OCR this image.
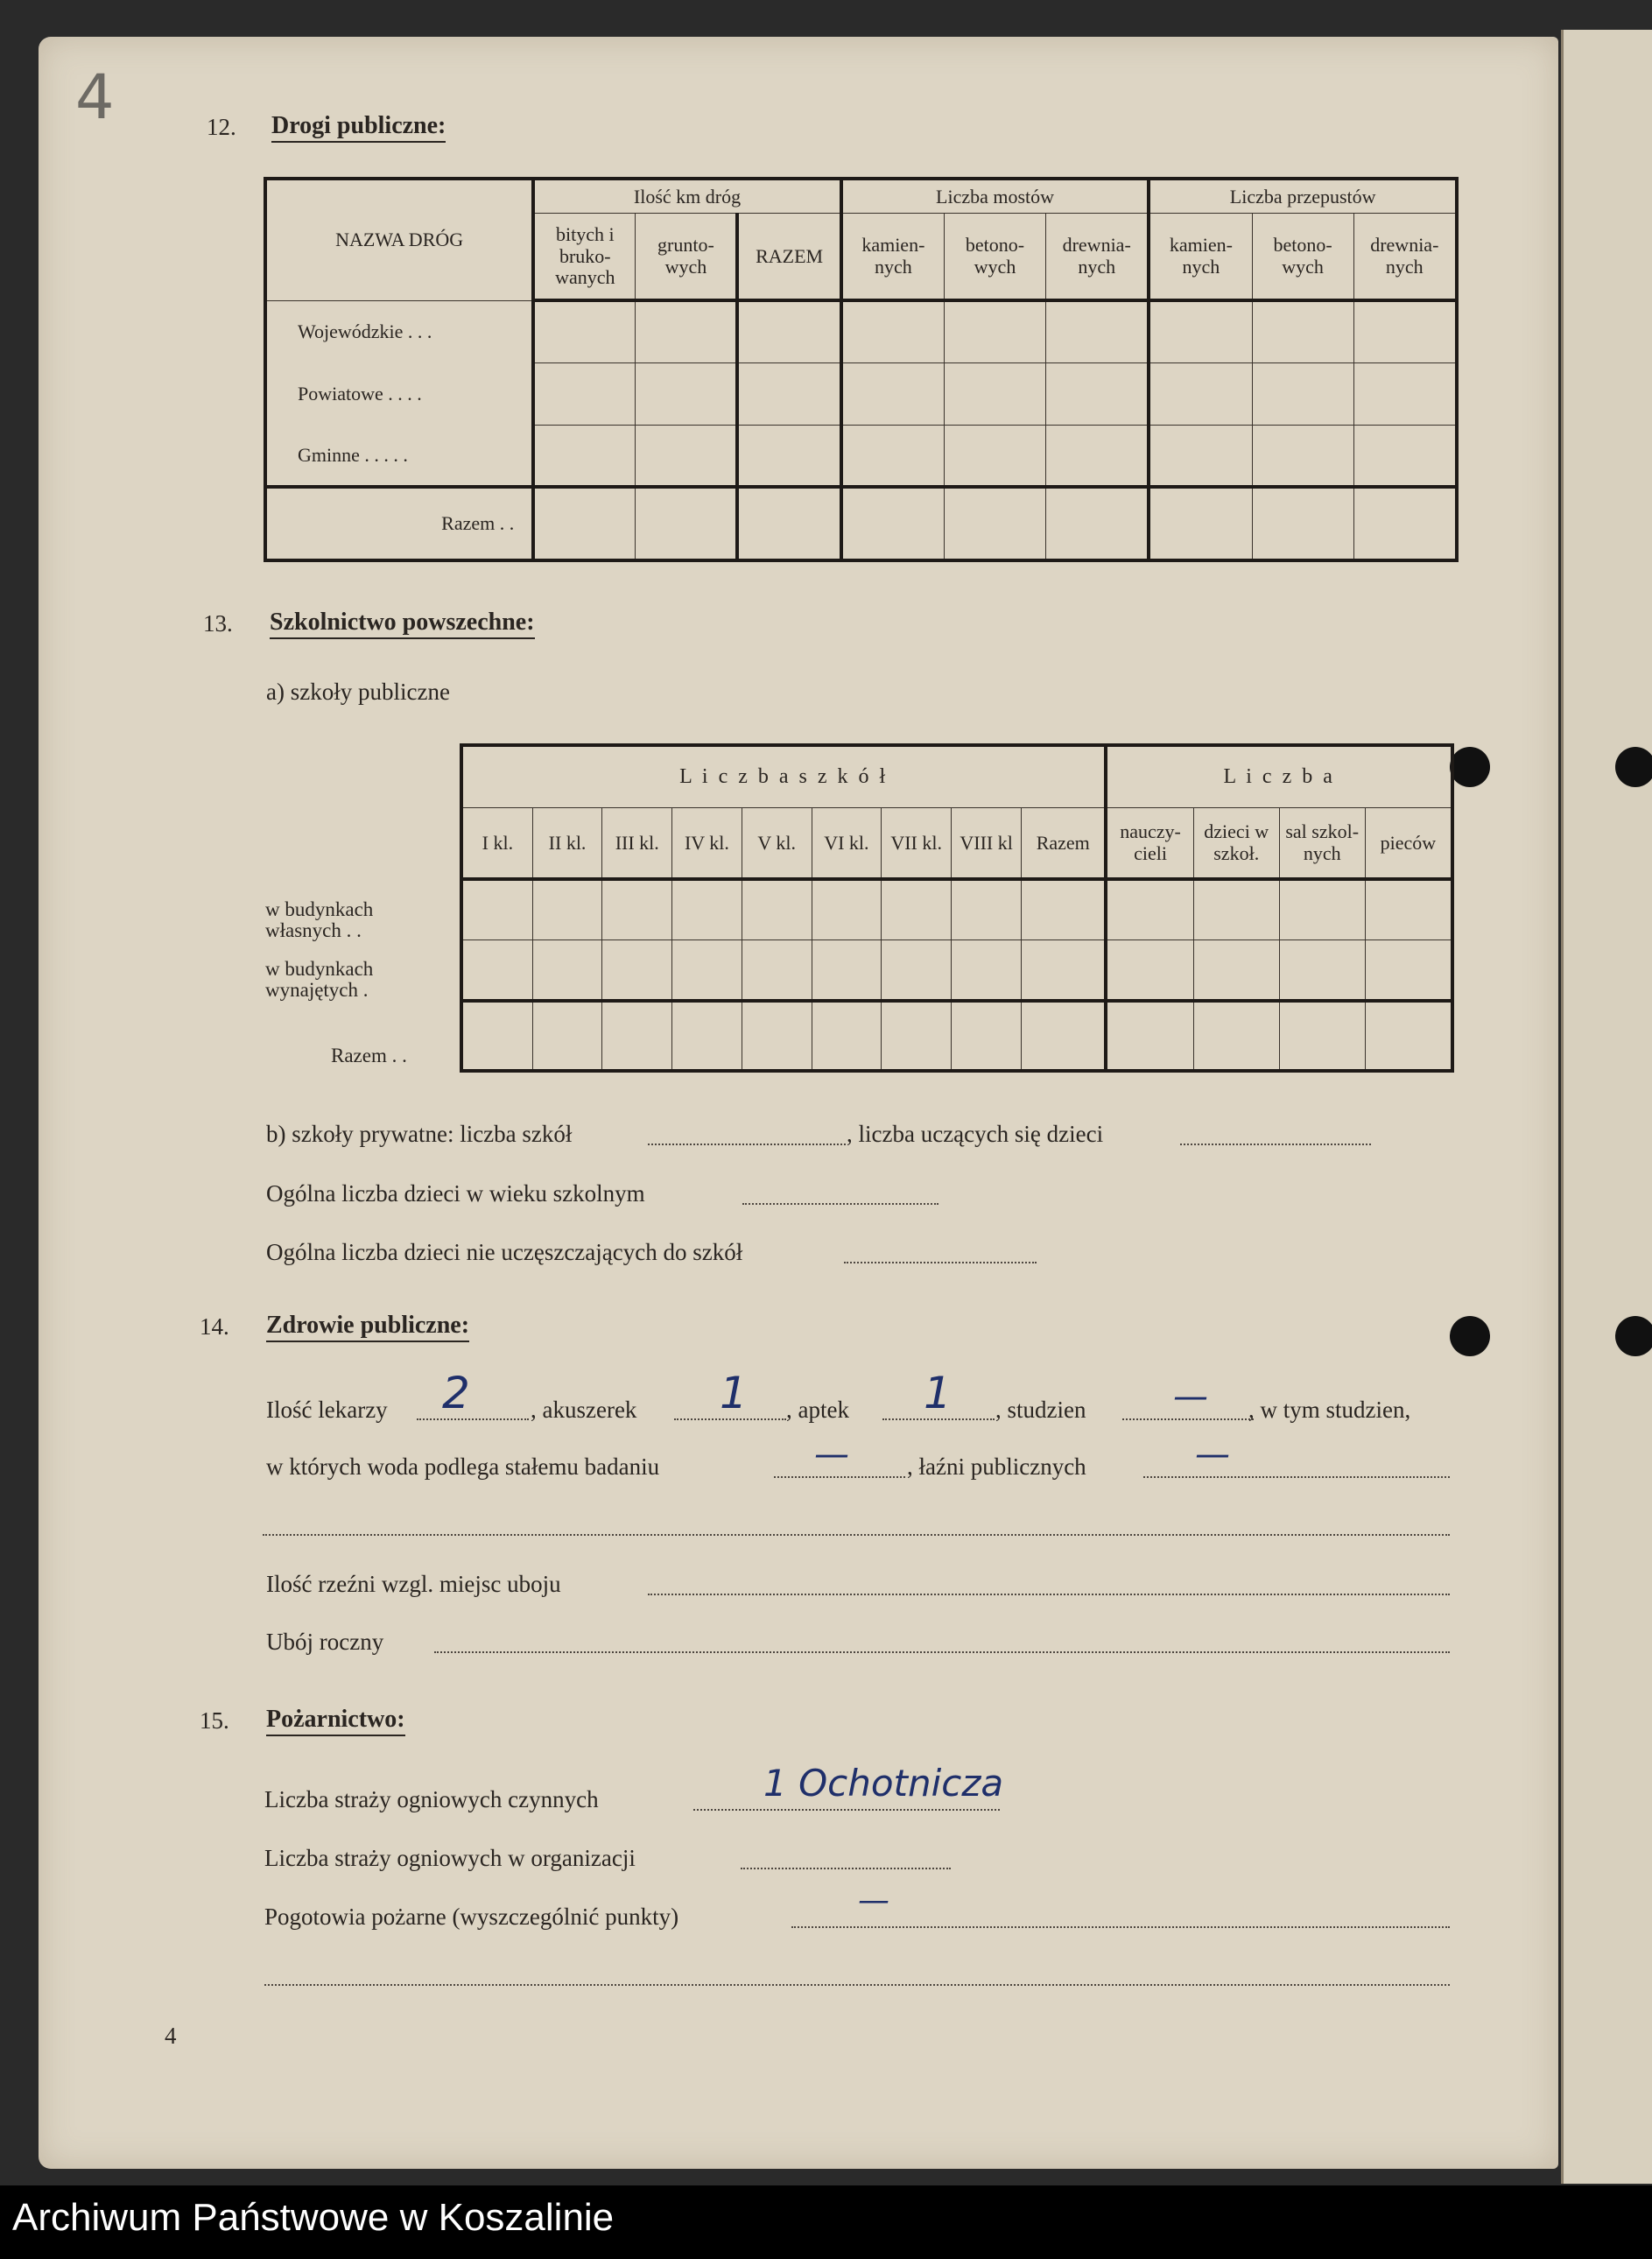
4	12. Drogi publiczne:
NAZWA DRÓG	Ilość km dróg			Liczba mostów			Liczba przepustów		
	bitych i bruko- wanych	grunto- wych	RAZEM	kamien- nych	betono- wych	drewnia- nych	kamien- nych	betono- wych	drewnia- nych
Wojewódzkie . . .									
Powiatowe . . . .									
Gminne . . . . .									
Razem . .									
13. Szkolnictwo powszechne:
a) szkoły publiczne
L i c z b a s z k ó ł									L i c z b a			
I kl.	II kl.	III kl.	IV kl.	V kl.	VI kl.	VII kl.	VIII kl	Razem	nauczy- cieli	dzieci w szkoł.	sal szkol- nych	pieców

w budynkach własnych . .
w budynkach wynajętych .
Razem . .
b) szkoły prywatne: liczba szkół	, liczba uczących się dzieci
Ogólna liczba dzieci w wieku szkolnym
Ogólna liczba dzieci nie uczęszczających do szkół
14. Zdrowie publiczne:
Ilość lekarzy 2	, akuszerek 1 , aptek 1 , studzien — , w tym studzien,
w których woda podlega stałemu badaniu	— , łaźni publicznych	—
Ilość rzeźni wzgl. miejsc uboju
Ubój roczny
15. Pożarnictwo:
Liczba straży ogniowych czynnych	1 Ochotnicza
Liczba straży ogniowych w organizacji
Pogotowia pożarne (wyszczególnić punkty)	—
4
Archiwum Państwowe w Koszalinie
